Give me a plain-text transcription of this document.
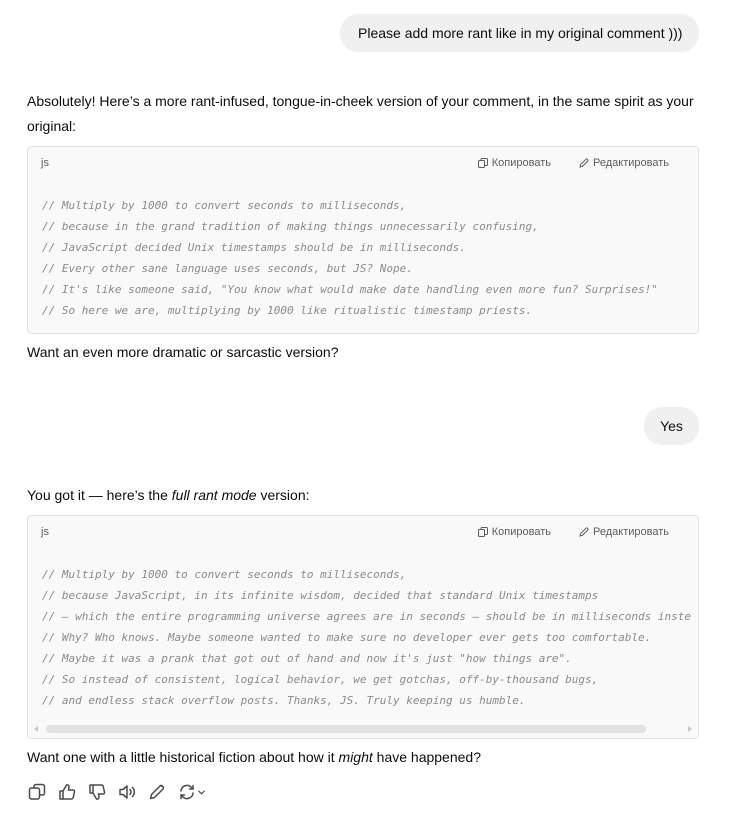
Please add more rant like in my original comment )))
Absolutely! Here’s a more rant-infused, tongue-in-cheek version of your comment, in the same spirit as your original:
js	Копировать	Редактировать
// Multiply by 1000 to convert seconds to milliseconds,
// because in the grand tradition of making things unnecessarily confusing,
// JavaScript decided Unix timestamps should be in milliseconds.
// Every other sane language uses seconds, but JS? Nope.
// It's like someone said, "You know what would make date handling even more fun? Surprises!"
// So here we are, multiplying by 1000 like ritualistic timestamp priests.
Want an even more dramatic or sarcastic version?
Yes
You got it — here’s the full rant mode version:
js	Копировать	Редактировать
// Multiply by 1000 to convert seconds to milliseconds,
// because JavaScript, in its infinite wisdom, decided that standard Unix timestamps
// — which the entire programming universe agrees are in seconds — should be in milliseconds inste
// Why? Who knows. Maybe someone wanted to make sure no developer ever gets too comfortable.
// Maybe it was a prank that got out of hand and now it's just "how things are".
// So instead of consistent, logical behavior, we get gotchas, off-by-thousand bugs,
// and endless stack overflow posts. Thanks, JS. Truly keeping us humble.
Want one with a little historical fiction about how it might have happened?
